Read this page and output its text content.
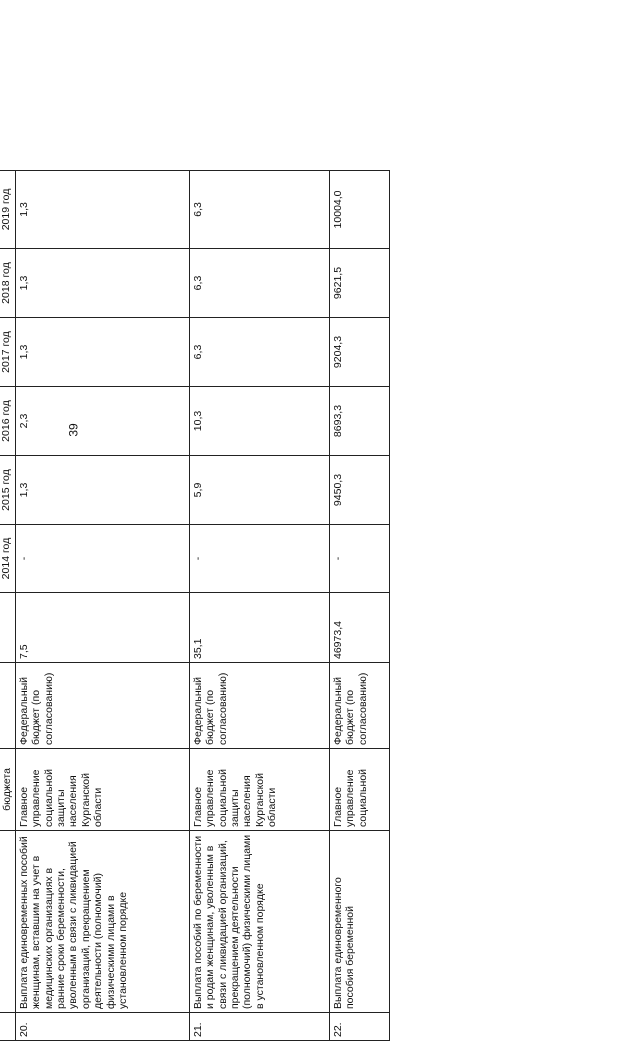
39
		бюджета		

					2014 год	2015 год	2016 год	2017 год	2018 год	2019 год
20.	Выплата единовременных пособий женщинам, вставшим на учет в медицинских организациях в ранние сроки беременности, уволенным в связи с ликвидацией организаций, прекращением деятельности (полномочий) физическими лицами в установленном порядке	Главное управление социальной защиты населения Курганской области	Федеральный бюджет (по согласованию)	7,5	-	1,3	2,3	1,3	1,3	1,3
21.	Выплата пособий по беременности и родам женщинам, уволенным в связи с ликвидацией организаций, прекращением деятельности (полномочий) физическими лицами в установленном порядке	Главное управление социальной защиты населения Курганской области	Федеральный бюджет (по согласованию)	35,1	-	5,9	10,3	6,3	6,3	6,3
22.	Выплата единовременного пособия беременной	Главное управление социальной	Федеральный бюджет (по согласованию)	46973,4	-	9450,3	8693,3	9204,3	9621,5	10004,0
